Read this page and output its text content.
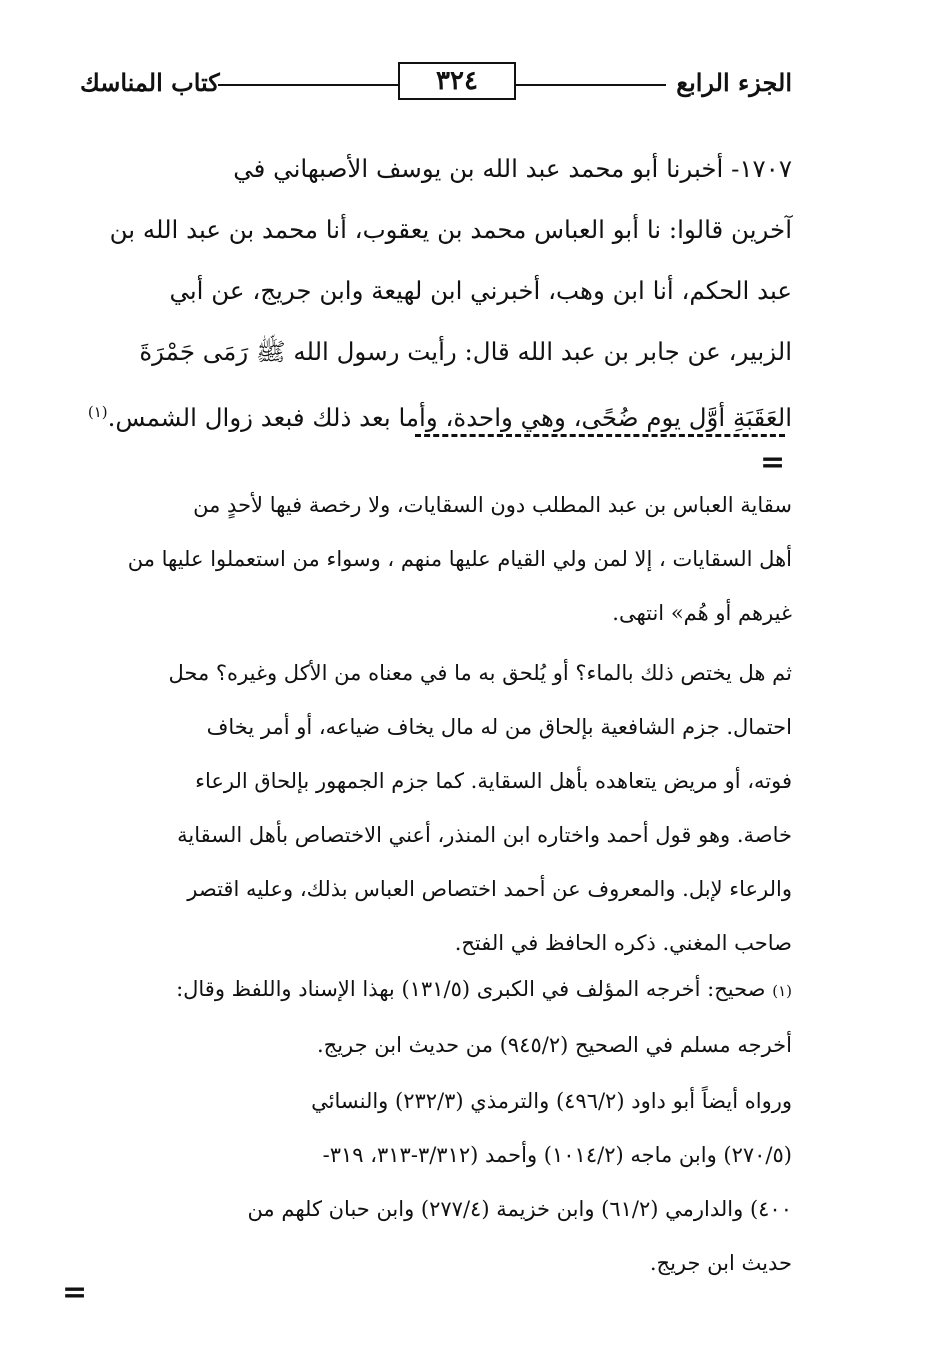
الجزء الرابع
كتاب المناسك	٣٢٤

١٧٠٧- أخبرنا أبو محمد عبد الله بن يوسف الأصبهاني في

آخرين قالوا: نا أبو العباس محمد بن يعقوب، أنا محمد بن عبد الله بن

عبد الحكم، أنا ابن وهب، أخبرني ابن لهيعة وابن جريج، عن أبي

الزبير، عن جابر بن عبد الله قال: رأيت رسول الله ﷺ رَمَى جَمْرَةَ

العَقَبَةِ أوَّل يوم ضُحًى، وهي واحدة، وأما بعد ذلك فبعد زوال الشمس.$^{(١)}$

=

سقاية العباس بن عبد المطلب دون السقايات، ولا رخصة فيها لأحدٍ من

أهل السقايات ، إلا لمن ولي القيام عليها منهم ، وسواء من استعملوا عليها من

غيرهم أو هُم» انتهى.

ثم هل يختص ذلك بالماء؟ أو يُلحق به ما في معناه من الأكل وغيره؟ محل

احتمال. جزم الشافعية بإلحاق من له مال يخاف ضياعه، أو أمر يخاف

فوته، أو مريض يتعاهده بأهل السقاية. كما جزم الجمهور بإلحاق الرعاء

خاصة. وهو قول أحمد واختاره ابن المنذر، أعني الاختصاص بأهل السقاية

والرعاء لإبل. والمعروف عن أحمد اختصاص العباس بذلك، وعليه اقتصر

صاحب المغني. ذكره الحافظ في الفتح.

(١) صحيح: أخرجه المؤلف في الكبرى (١٣١/٥) بهذا الإسناد واللفظ وقال:

أخرجه مسلم في الصحيح (٩٤٥/٢) من حديث ابن جريج.

ورواه أيضاً أبو داود (٤٩٦/٢) والترمذي (٢٣٢/٣) والنسائي

(٢٧٠/٥) وابن ماجه (١٠١٤/٢) وأحمد (٣/٣١٢-٣١٣، ٣١٩-

٤٠٠) والدارمي (٦١/٢) وابن خزيمة (٢٧٧/٤) وابن حبان كلهم من

حديث ابن جريج.

=
